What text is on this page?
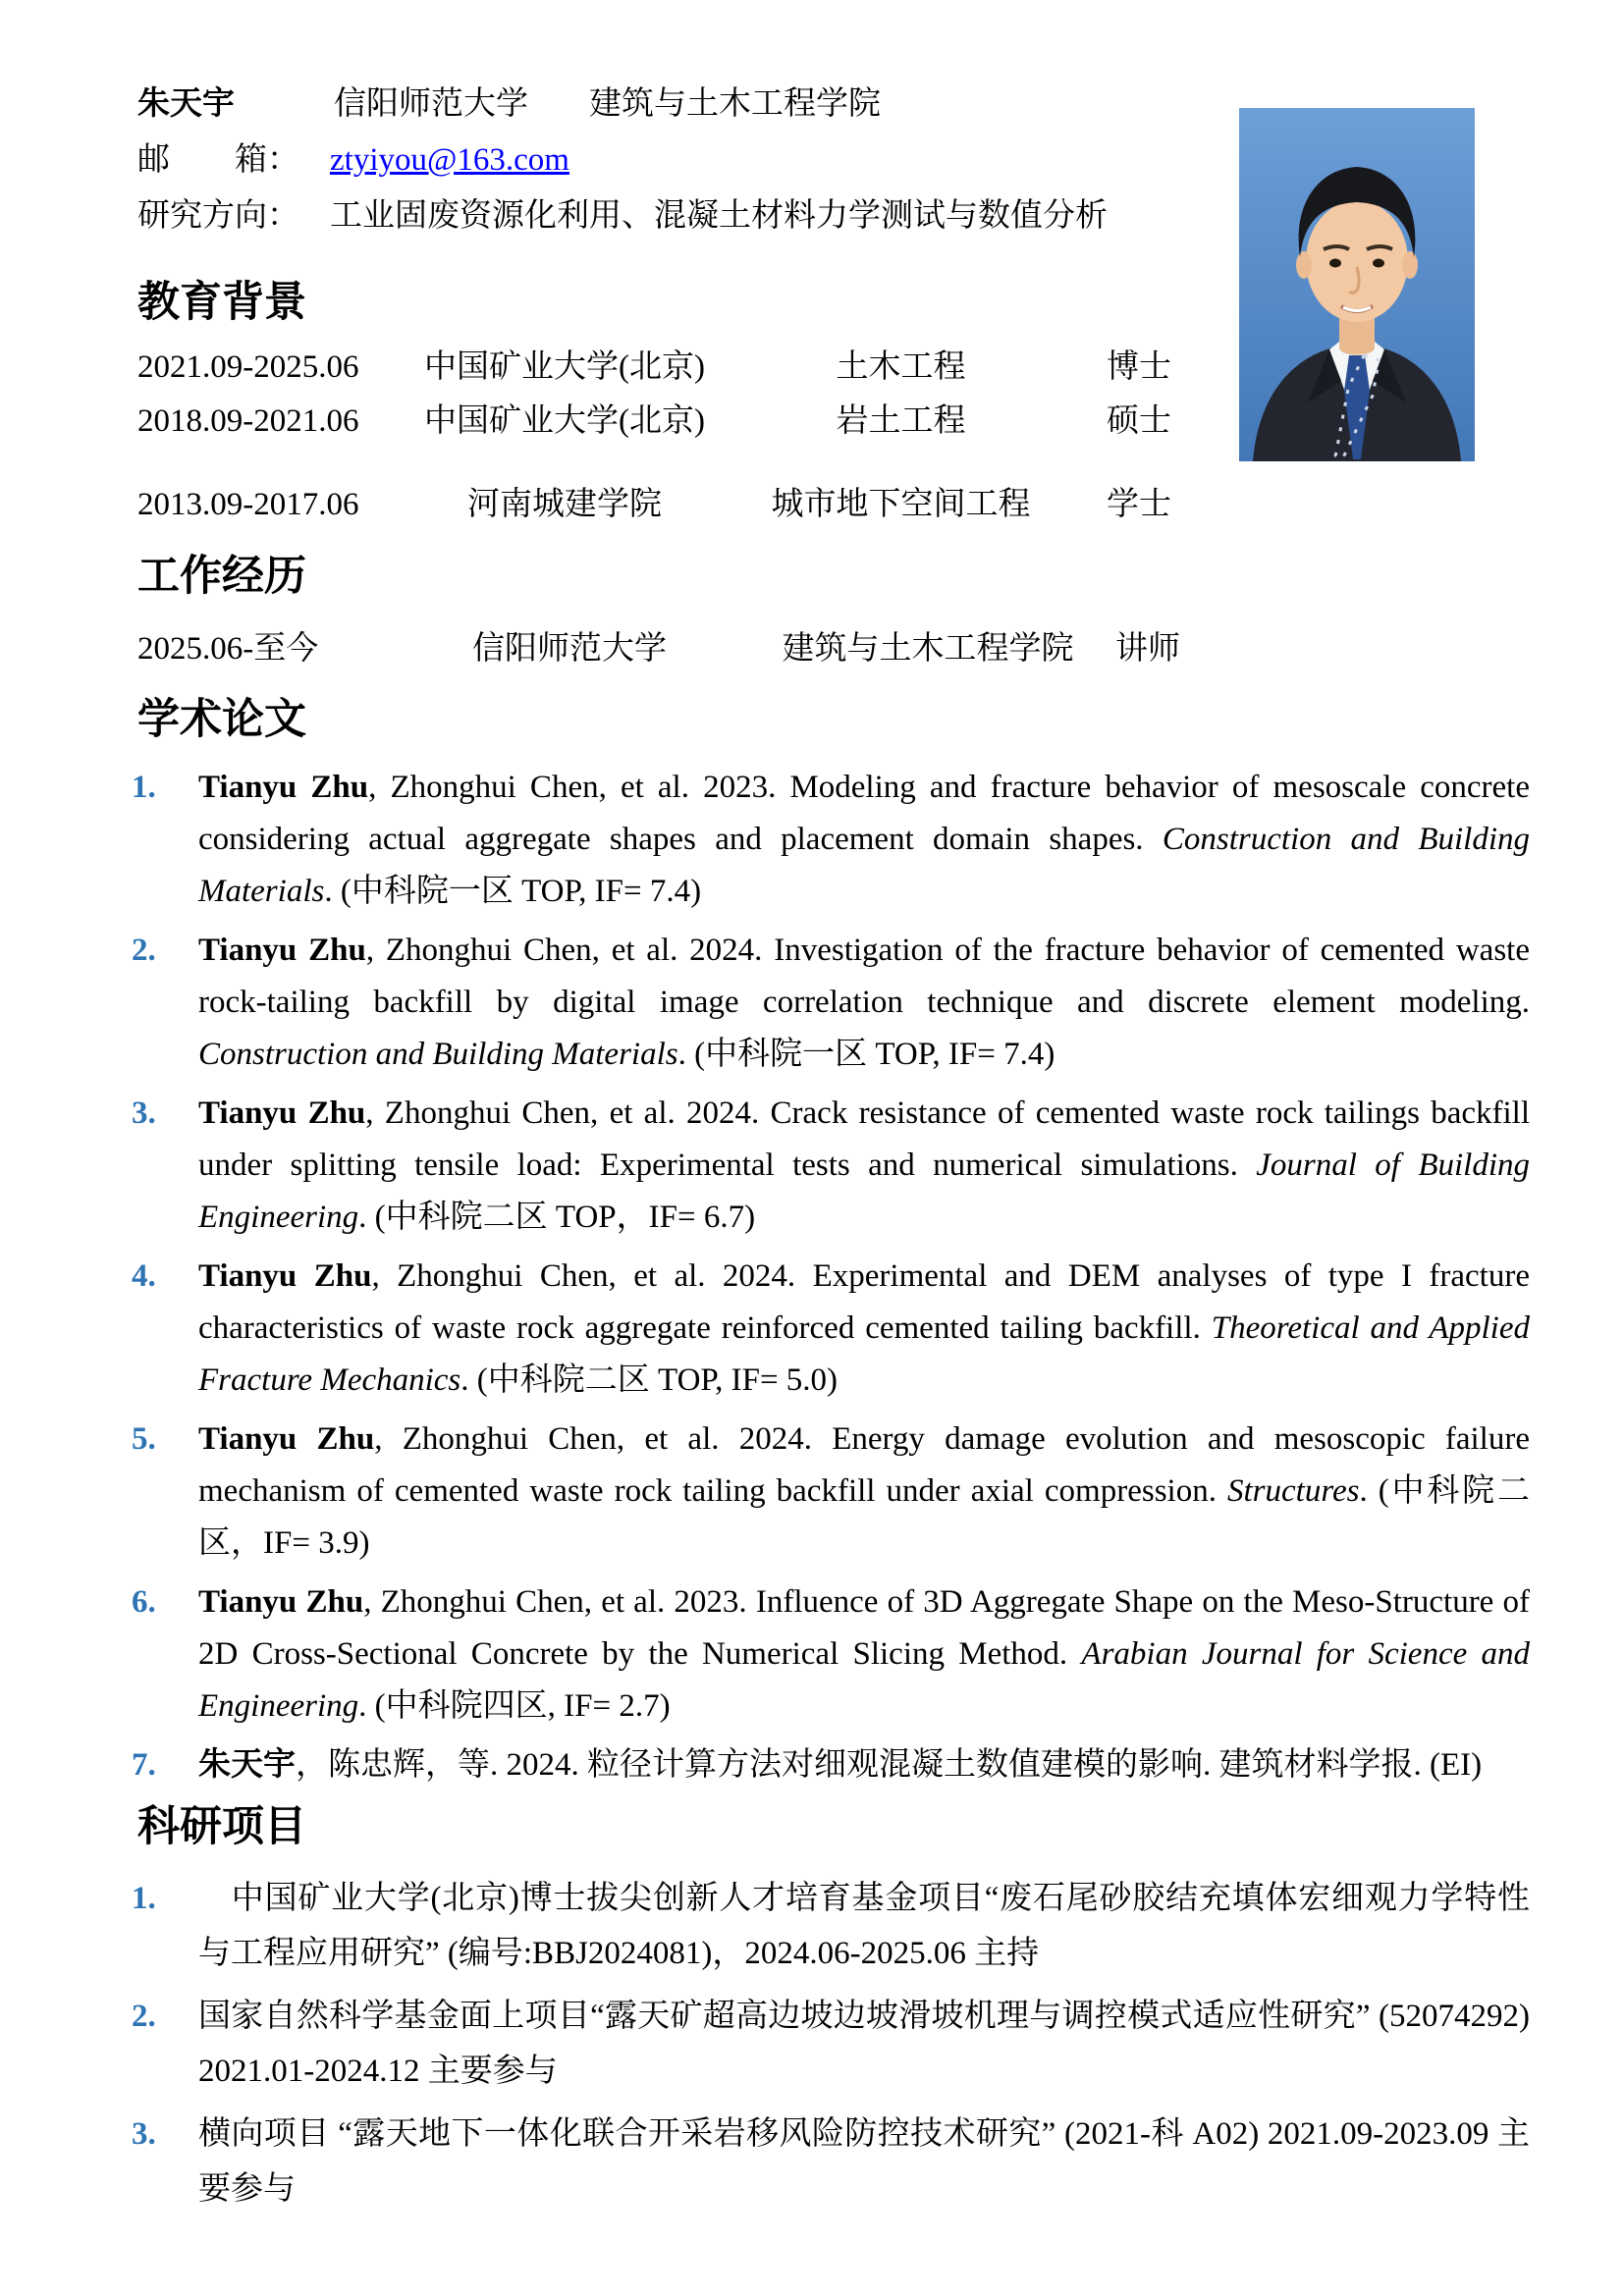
朱天宇	信阳师范大学 建筑与土木工程学院
邮　　箱： ztyiyou@163.com
研究方向： 工业固废资源化利用、混凝土材料力学测试与数值分析
教育背景
2021.09-2025.06	中国矿业大学(北京)	土木工程	博士
2018.09-2021.06	中国矿业大学(北京)	岩土工程	硕士
2013.09-2017.06	河南城建学院	城市地下空间工程	学士
工作经历
2025.06-至今	信阳师范大学	建筑与土木工程学院	讲师
学术论文
1. Tianyu Zhu, Zhonghui Chen, et al. 2023. Modeling and fracture behavior of mesoscale concrete considering actual aggregate shapes and placement domain shapes. Construction and Building Materials. (中科院一区 TOP, IF= 7.4)
2. Tianyu Zhu, Zhonghui Chen, et al. 2024. Investigation of the fracture behavior of cemented waste rock-tailing backfill by digital image correlation technique and discrete element modeling. Construction and Building Materials. (中科院一区 TOP, IF= 7.4)
3. Tianyu Zhu, Zhonghui Chen, et al. 2024. Crack resistance of cemented waste rock tailings backfill under splitting tensile load: Experimental tests and numerical simulations. Journal of Building Engineering. (中科院二区 TOP，IF= 6.7)
4. Tianyu Zhu, Zhonghui Chen, et al. 2024. Experimental and DEM analyses of type I fracture characteristics of waste rock aggregate reinforced cemented tailing backfill. Theoretical and Applied Fracture Mechanics. (中科院二区 TOP, IF= 5.0)
5. Tianyu Zhu, Zhonghui Chen, et al. 2024. Energy damage evolution and mesoscopic failure mechanism of cemented waste rock tailing backfill under axial compression. Structures. (中科院二区，IF= 3.9)
6. Tianyu Zhu, Zhonghui Chen, et al. 2023. Influence of 3D Aggregate Shape on the Meso-Structure of 2D Cross-Sectional Concrete by the Numerical Slicing Method. Arabian Journal for Science and Engineering. (中科院四区, IF= 2.7)
7. 朱天宇，陈忠辉，等. 2024. 粒径计算方法对细观混凝土数值建模的影响. 建筑材料学报. (EI)
科研项目
1. 　中国矿业大学(北京)博士拔尖创新人才培育基金项目“废石尾砂胶结充填体宏细观力学特性与工程应用研究” (编号:BBJ2024081)，2024.06-2025.06 主持
2. 国家自然科学基金面上项目“露天矿超高边坡边坡滑坡机理与调控模式适应性研究” (52074292) 2021.01-2024.12 主要参与
3. 横向项目 “露天地下一体化联合开采岩移风险防控技术研究” (2021-科 A02) 2021.09-2023.09 主要参与
